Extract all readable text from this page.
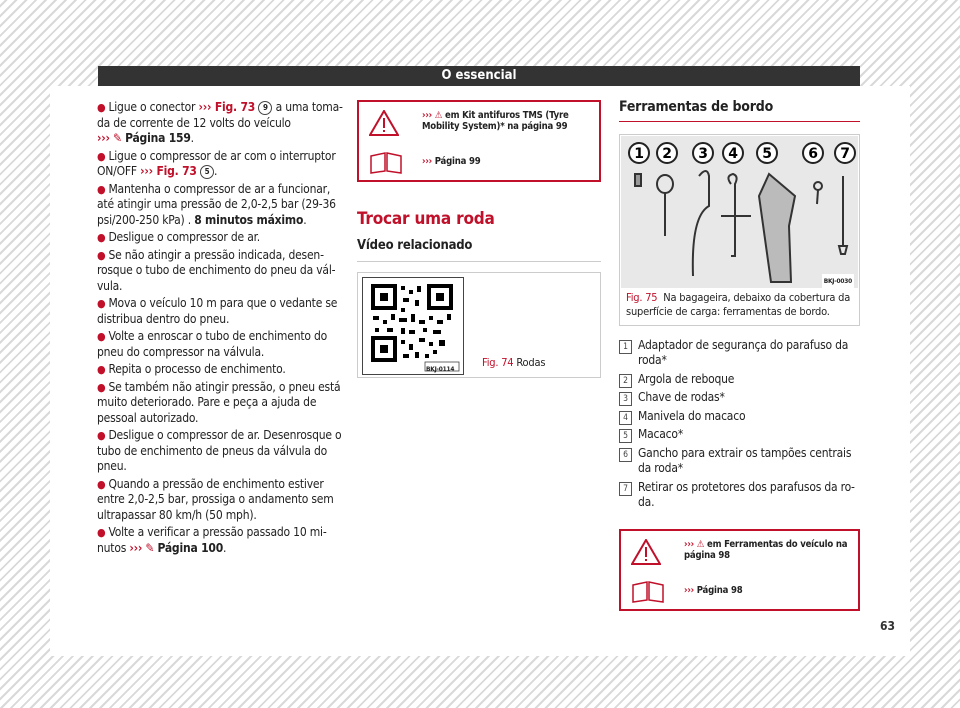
O essencial
● Ligue o conector ››› Fig. 73 9 a uma tomada de corrente de 12 volts do veículo
››› ✎ Página 159.
● Ligue o compressor de ar com o interruptor ON/OFF ››› Fig. 73 5 .
● Mantenha o compressor de ar a funcionar, até atingir uma pressão de 2,0-2,5 bar (29-36 psi/200-250 kPa) . 8 minutos máximo.
● Desligue o compressor de ar.
● Se não atingir a pressão indicada, desenrosque o tubo de enchimento do pneu da válvula.
● Mova o veículo 10 m para que o vedante se distribua dentro do pneu.
● Volte a enroscar o tubo de enchimento do pneu do compressor na válvula.
● Repita o processo de enchimento.
● Se também não atingir pressão, o pneu está muito deteriorado. Pare e peça a ajuda de pessoal autorizado.
● Desligue o compressor de ar. Desenrosque o tubo de enchimento de pneus da válvula do pneu.
● Quando a pressão de enchimento estiver entre 2,0-2,5 bar, prossiga o andamento sem ultrapassar 80 km/h (50 mph).
● Volte a verificar a pressão passado 10 minutos ››› ✎ Página 100.
››› ⚠ em Kit antifuros TMS (Tyre Mobility System)* na página 99
››› Página 99
Trocar uma roda
Vídeo relacionado
BKJ-0114	Fig. 74 Rodas
Ferramentas de bordo
1 2 3 4 5	6 7
BKJ-0030
Fig. 75 Na bagageira, debaixo da cobertura da superfície de carga: ferramentas de bordo.
1 Adaptador de segurança do parafuso da roda*
2 Argola de reboque
3 Chave de rodas*
4 Manivela do macaco
5 Macaco*
6 Gancho para extrair os tampões centrais da roda*
7 Retirar os protetores dos parafusos da roda.
››› ⚠ em Ferramentas do veículo na página 98
››› Página 98
63
